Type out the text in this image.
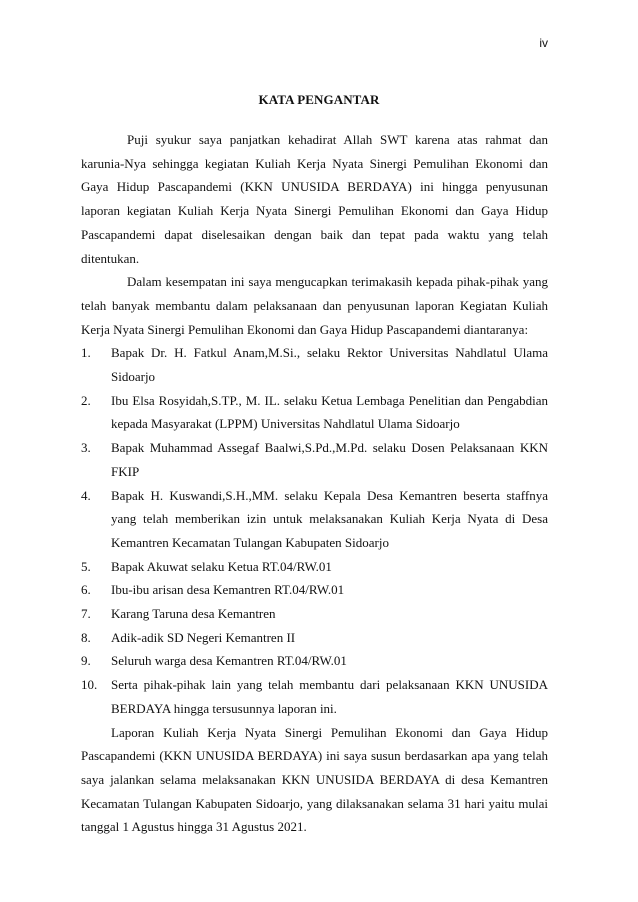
iv
KATA PENGANTAR

Puji syukur saya panjatkan kehadirat Allah SWT karena atas rahmat dan karunia-Nya sehingga kegiatan Kuliah Kerja Nyata Sinergi Pemulihan Ekonomi dan Gaya Hidup Pascapandemi (KKN UNUSIDA BERDAYA) ini hingga penyusunan laporan kegiatan Kuliah Kerja Nyata Sinergi Pemulihan Ekonomi dan Gaya Hidup Pascapandemi dapat diselesaikan dengan baik dan tepat pada waktu yang telah ditentukan.

Dalam kesempatan ini saya mengucapkan terimakasih kepada pihak-pihak yang telah banyak membantu dalam pelaksanaan dan penyusunan laporan Kegiatan Kuliah Kerja Nyata Sinergi Pemulihan Ekonomi dan Gaya Hidup Pascapandemi diantaranya:

1. Bapak Dr. H. Fatkul Anam,M.Si., selaku Rektor Universitas Nahdlatul Ulama Sidoarjo
2. Ibu Elsa Rosyidah,S.TP., M. IL. selaku Ketua Lembaga Penelitian dan Pengabdian kepada Masyarakat (LPPM) Universitas Nahdlatul Ulama Sidoarjo
3. Bapak Muhammad Assegaf Baalwi,S.Pd.,M.Pd. selaku Dosen Pelaksanaan KKN FKIP
4. Bapak H. Kuswandi,S.H.,MM. selaku Kepala Desa Kemantren beserta staffnya yang telah memberikan izin untuk melaksanakan Kuliah Kerja Nyata di Desa Kemantren Kecamatan Tulangan Kabupaten Sidoarjo
5. Bapak Akuwat selaku Ketua RT.04/RW.01
6. Ibu-ibu arisan desa Kemantren RT.04/RW.01
7. Karang Taruna desa Kemantren
8. Adik-adik SD Negeri Kemantren II
9. Seluruh warga desa Kemantren RT.04/RW.01
10. Serta pihak-pihak lain yang telah membantu dari pelaksanaan KKN UNUSIDA BERDAYA hingga tersusunnya laporan ini.

Laporan Kuliah Kerja Nyata Sinergi Pemulihan Ekonomi dan Gaya Hidup Pascapandemi (KKN UNUSIDA BERDAYA) ini saya susun berdasarkan apa yang telah saya jalankan selama melaksanakan KKN UNUSIDA BERDAYA di desa Kemantren Kecamatan Tulangan Kabupaten Sidoarjo, yang dilaksanakan selama 31 hari yaitu mulai tanggal 1 Agustus hingga 31 Agustus 2021.
